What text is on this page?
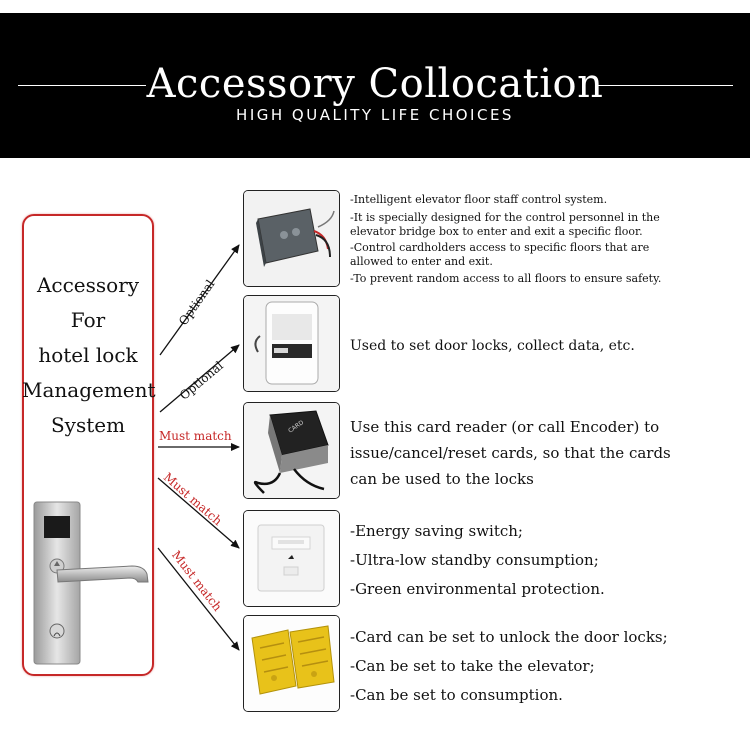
Accessory Collocation
HIGH QUALITY LIFE CHOICES
Accessory
For
hotel lock
Management
System	CARD
Optional
Optional
Must match
Must match
Must match

-Intelligent elevator floor staff control system.

-It is specially designed for the control personnel in the

elevator bridge box to enter and exit a specific floor.

-Control cardholders access to specific floors that are

allowed to enter and exit.

-To prevent random access to all floors to ensure safety.

Used to set door locks, collect data, etc.

Use this card reader (or call Encoder) to

issue/cancel/reset cards, so that the cards

can be used to the locks

-Energy saving switch;

-Ultra-low standby consumption;

-Green environmental protection.

-Card can be set to unlock the door locks;

-Can be set to take the elevator;

-Can be set to consumption.
